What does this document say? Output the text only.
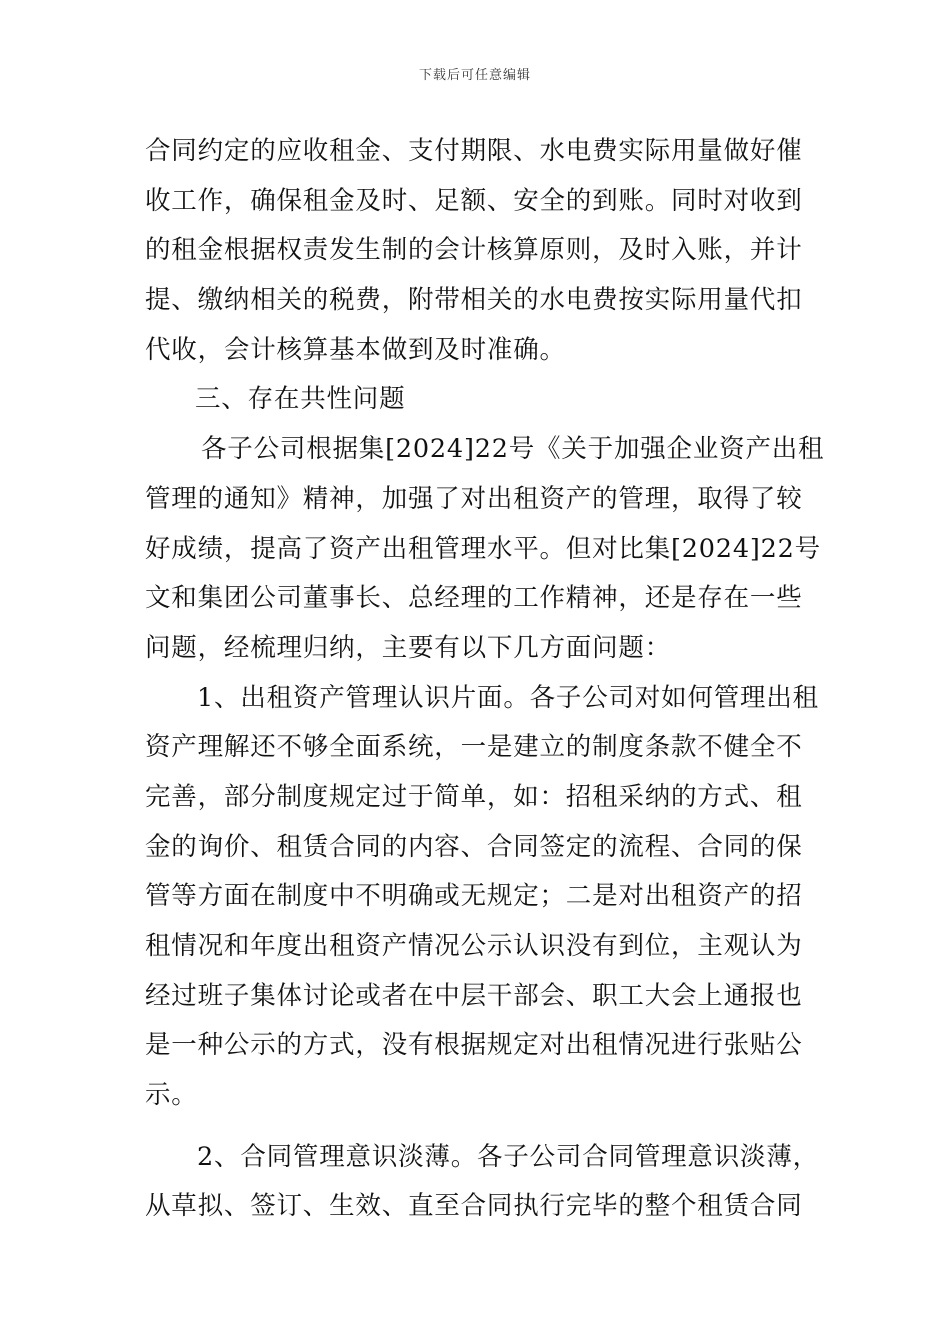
下载后可任意编辑
合同约定的应收租金、支付期限、水电费实际用量做好催
收工作，确保租金及时、足额、安全的到账。同时对收到
的租金根据权责发生制的会计核算原则，及时入账，并计
提、缴纳相关的税费，附带相关的水电费按实际用量代扣
代收，会计核算基本做到及时准确。
三、存在共性问题
各子公司根据集[2024]22号《关于加强企业资产出租
管理的通知》精神，加强了对出租资产的管理，取得了较
好成绩，提高了资产出租管理水平。但对比集[2024]22号
文和集团公司董事长、总经理的工作精神，还是存在一些
问题，经梳理归纳，主要有以下几方面问题：
1、出租资产管理认识片面。各子公司对如何管理出租
资产理解还不够全面系统，一是建立的制度条款不健全不
完善，部分制度规定过于简单，如：招租采纳的方式、租
金的询价、租赁合同的内容、合同签定的流程、合同的保
管等方面在制度中不明确或无规定；二是对出租资产的招
租情况和年度出租资产情况公示认识没有到位，主观认为
经过班子集体讨论或者在中层干部会、职工大会上通报也
是一种公示的方式，没有根据规定对出租情况进行张贴公
示。
2、合同管理意识淡薄。各子公司合同管理意识淡薄，
从草拟、签订、生效、直至合同执行完毕的整个租赁合同
